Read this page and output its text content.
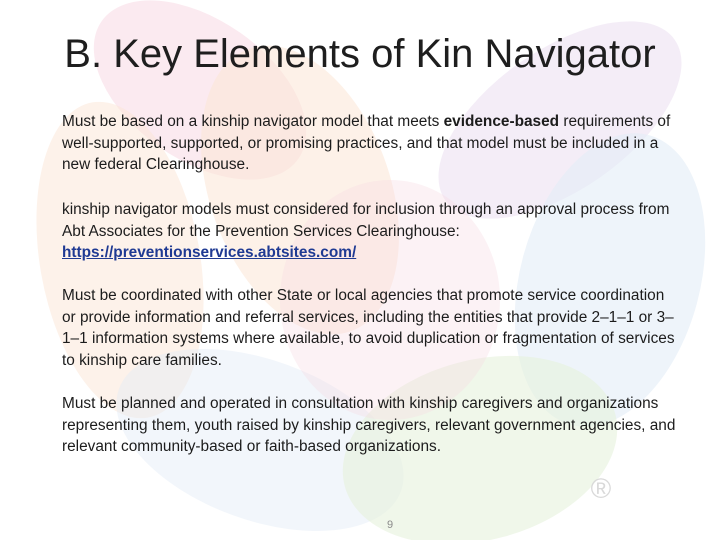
B. Key Elements of Kin Navigator

Must be based on a kinship navigator model that meets evidence-based requirements of well-supported, supported, or promising practices, and that model must be included in a new federal Clearinghouse.

kinship navigator models must considered for inclusion through an approval process from Abt Associates for the Prevention Services Clearinghouse: https://preventionservices.abtsites.com/

Must be coordinated with other State or local agencies that promote service coordination or provide information and referral services, including the entities that provide 2–1–1 or 3–1–1 information systems where available, to avoid duplication or fragmentation of services to kinship care families.

Must be planned and operated in consultation with kinship caregivers and organizations representing them, youth raised by kinship caregivers, relevant government agencies, and relevant community-based or faith-based organizations.

®
9
